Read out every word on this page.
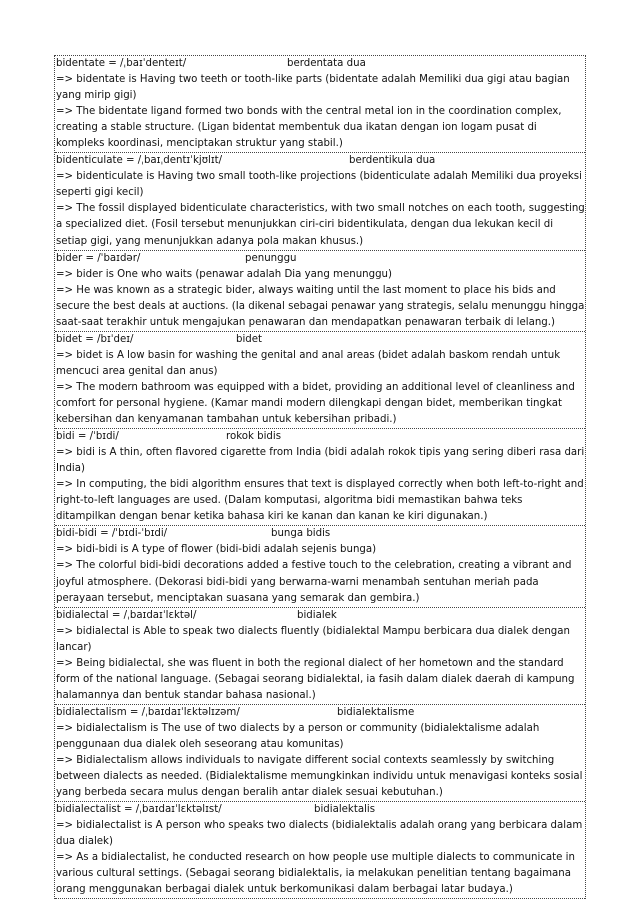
bidentate = /ˌbaɪˈdenteɪt/	berdentata dua
=> bidentate is Having two teeth or tooth-like parts (bidentate adalah Memiliki dua gigi atau bagian yang mirip gigi)
=> The bidentate ligand formed two bonds with the central metal ion in the coordination complex, creating a stable structure. (Ligan bidentat membentuk dua ikatan dengan ion logam pusat di kompleks koordinasi, menciptakan struktur yang stabil.)
bidenticulate = /ˌbaɪˌdentɪˈkjʊlɪt/	berdentikula dua
=> bidenticulate is Having two small tooth-like projections (bidenticulate adalah Memiliki dua proyeksi seperti gigi kecil)
=> The fossil displayed bidenticulate characteristics, with two small notches on each tooth, suggesting a specialized diet. (Fosil tersebut menunjukkan ciri-ciri bidentikulata, dengan dua lekukan kecil di setiap gigi, yang menunjukkan adanya pola makan khusus.)
bider = /ˈbaɪdər/	penunggu
=> bider is One who waits (penawar adalah Dia yang menunggu)
=> He was known as a strategic bider, always waiting until the last moment to place his bids and secure the best deals at auctions. (Ia dikenal sebagai penawar yang strategis, selalu menunggu hingga saat-saat terakhir untuk mengajukan penawaran dan mendapatkan penawaran terbaik di lelang.)
bidet = /bɪˈdeɪ/	bidet
=> bidet is A low basin for washing the genital and anal areas (bidet adalah baskom rendah untuk mencuci area genital dan anus)
=> The modern bathroom was equipped with a bidet, providing an additional level of cleanliness and comfort for personal hygiene. (Kamar mandi modern dilengkapi dengan bidet, memberikan tingkat kebersihan dan kenyamanan tambahan untuk kebersihan pribadi.)
bidi = /ˈbɪdi/	rokok bidis
=> bidi is A thin, often flavored cigarette from India (bidi adalah rokok tipis yang sering diberi rasa dari India)
=> In computing, the bidi algorithm ensures that text is displayed correctly when both left-to-right and right-to-left languages are used. (Dalam komputasi, algoritma bidi memastikan bahwa teks ditampilkan dengan benar ketika bahasa kiri ke kanan dan kanan ke kiri digunakan.)
bidi-bidi = /ˈbɪdi-ˈbɪdi/	bunga bidis
=> bidi-bidi is A type of flower (bidi-bidi adalah sejenis bunga)
=> The colorful bidi-bidi decorations added a festive touch to the celebration, creating a vibrant and joyful atmosphere. (Dekorasi bidi-bidi yang berwarna-warni menambah sentuhan meriah pada perayaan tersebut, menciptakan suasana yang semarak dan gembira.)
bidialectal = /ˌbaɪdaɪˈlɛktəl/	bidialek
=> bidialectal is Able to speak two dialects fluently (bidialektal Mampu berbicara dua dialek dengan lancar)
=> Being bidialectal, she was fluent in both the regional dialect of her hometown and the standard form of the national language. (Sebagai seorang bidialektal, ia fasih dalam dialek daerah di kampung halamannya dan bentuk standar bahasa nasional.)
bidialectalism = /ˌbaɪdaɪˈlɛktəlɪzəm/	bidialektalisme
=> bidialectalism is The use of two dialects by a person or community (bidialektalisme adalah penggunaan dua dialek oleh seseorang atau komunitas)
=> Bidialectalism allows individuals to navigate different social contexts seamlessly by switching between dialects as needed. (Bidialektalisme memungkinkan individu untuk menavigasi konteks sosial yang berbeda secara mulus dengan beralih antar dialek sesuai kebutuhan.)
bidialectalist = /ˌbaɪdaɪˈlɛktəlɪst/	bidialektalis
=> bidialectalist is A person who speaks two dialects (bidialektalis adalah orang yang berbicara dalam dua dialek)
=> As a bidialectalist, he conducted research on how people use multiple dialects to communicate in various cultural settings. (Sebagai seorang bidialektalis, ia melakukan penelitian tentang bagaimana orang menggunakan berbagai dialek untuk berkomunikasi dalam berbagai latar budaya.)
